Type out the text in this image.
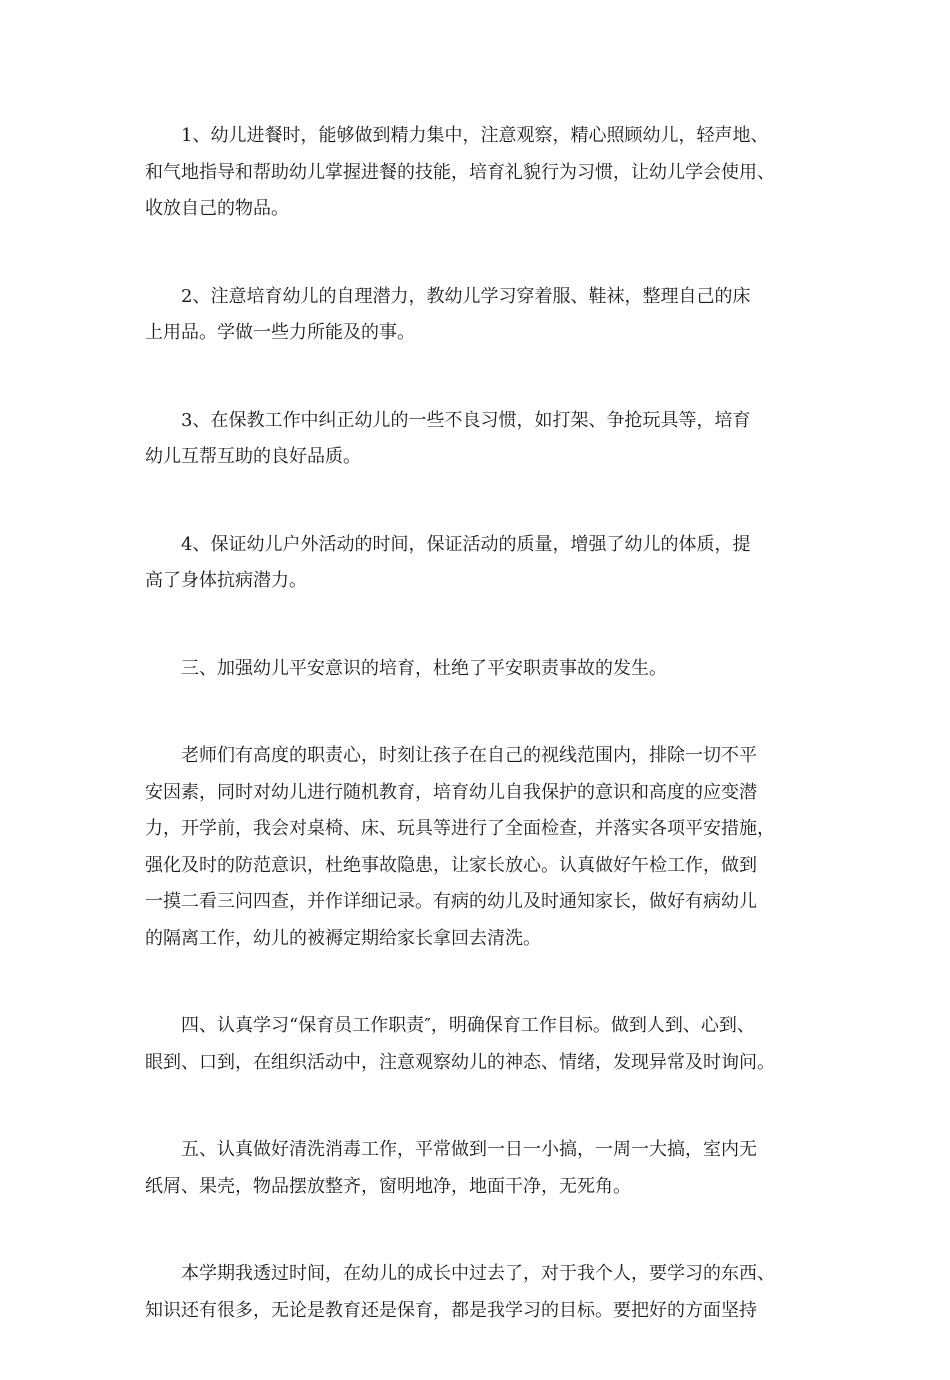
1、幼儿进餐时，能够做到精力集中，注意观察，精心照顾幼儿，轻声地、
和气地指导和帮助幼儿掌握进餐的技能，培育礼貌行为习惯，让幼儿学会使用、
收放自己的物品。

2、注意培育幼儿的自理潜力，教幼儿学习穿着服、鞋袜，整理自己的床
上用品。学做一些力所能及的事。

3、在保教工作中纠正幼儿的一些不良习惯，如打架、争抢玩具等，培育
幼儿互帮互助的良好品质。

4、保证幼儿户外活动的时间，保证活动的质量，增强了幼儿的体质，提
高了身体抗病潜力。

三、加强幼儿平安意识的培育，杜绝了平安职责事故的发生。

老师们有高度的职责心，时刻让孩子在自己的视线范围内，排除一切不平
安因素，同时对幼儿进行随机教育，培育幼儿自我保护的意识和高度的应变潜
力，开学前，我会对桌椅、床、玩具等进行了全面检查，并落实各项平安措施，
强化及时的防范意识，杜绝事故隐患，让家长放心。认真做好午检工作，做到
一摸二看三问四查，并作详细记录。有病的幼儿及时通知家长，做好有病幼儿
的隔离工作，幼儿的被褥定期给家长拿回去清洗。

四、认真学习“保育员工作职责″，明确保育工作目标。做到人到、心到、
眼到、口到，在组织活动中，注意观察幼儿的神态、情绪，发现异常及时询问。

五、认真做好清洗消毒工作，平常做到一日一小搞，一周一大搞，室内无
纸屑、果壳，物品摆放整齐，窗明地净，地面干净，无死角。

本学期我透过时间，在幼儿的成长中过去了，对于我个人，要学习的东西、
知识还有很多，无论是教育还是保育，都是我学习的目标。要把好的方面坚持
